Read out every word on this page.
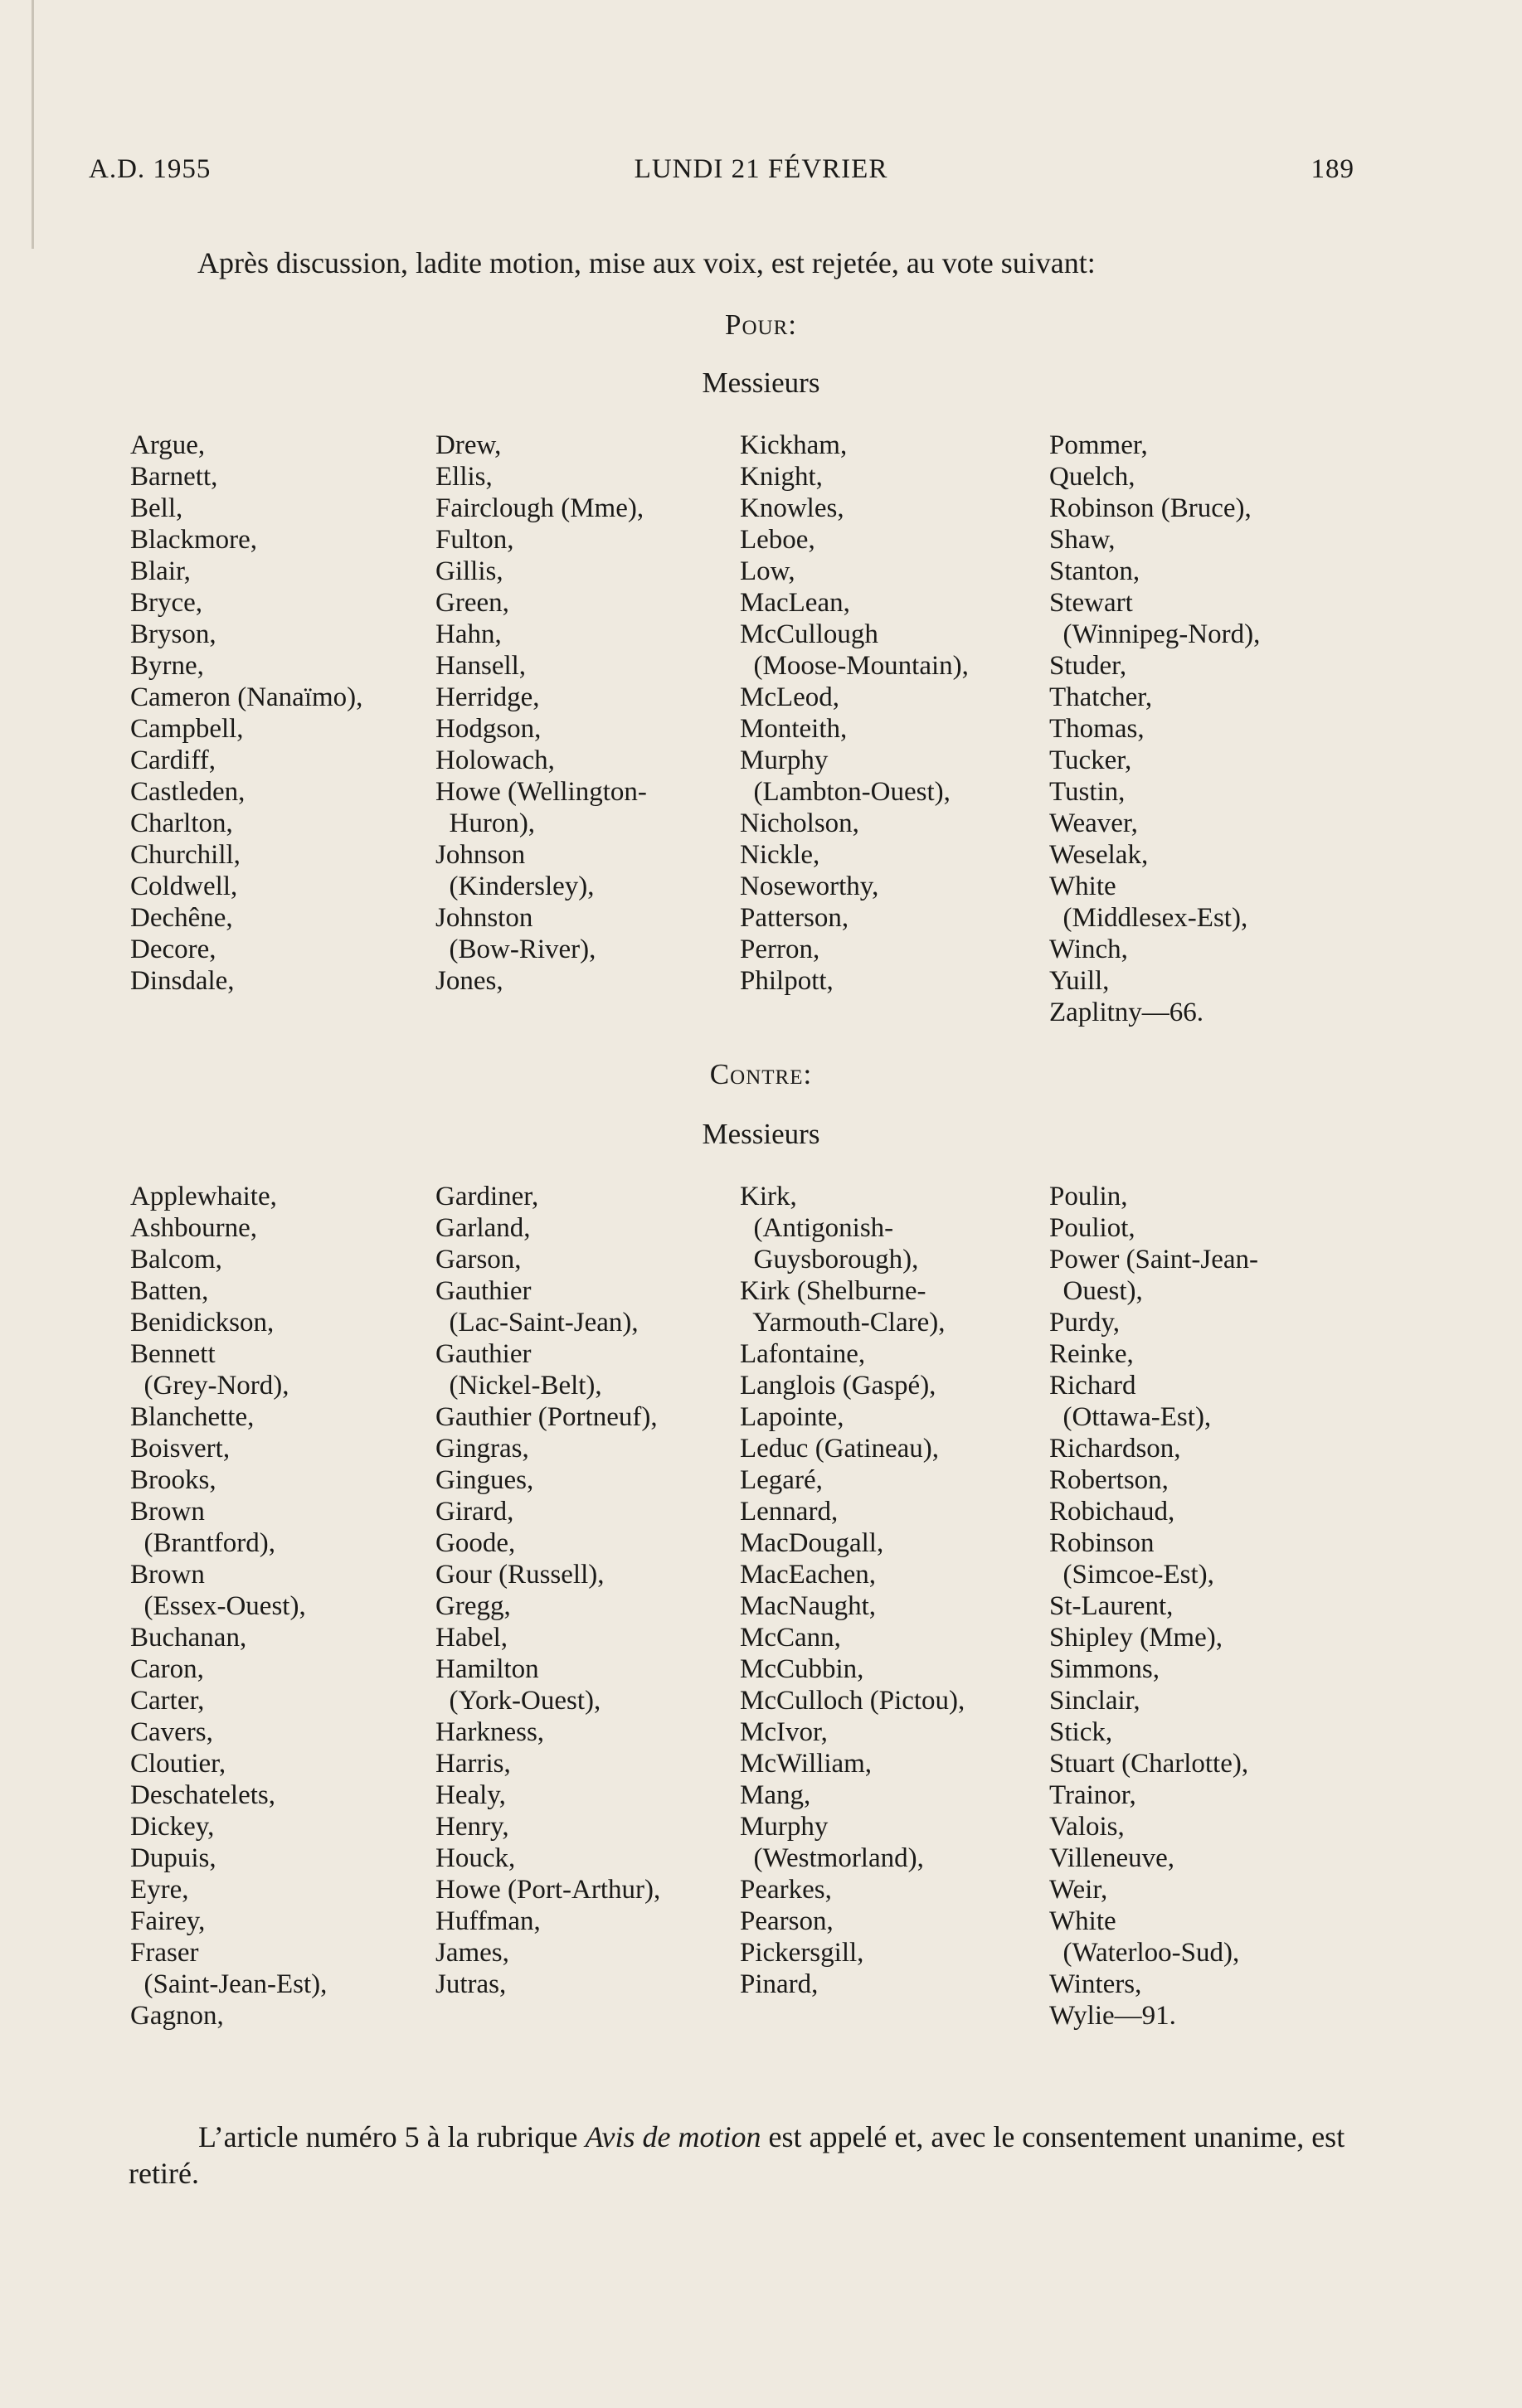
A.D. 1955	LUNDI 21 FÉVRIER	189
Après discussion, ladite motion, mise aux voix, est rejetée, au vote suivant:
Pour:
Messieurs
Argue,
Barnett,
Bell,
Blackmore,
Blair,
Bryce,
Bryson,
Byrne,
Cameron (Nanaïmo),
Campbell,
Cardiff,
Castleden,
Charlton,
Churchill,
Coldwell,
Dechêne,
Decore,
Dinsdale,
Drew,
Ellis,
Fairclough (Mme),
Fulton,
Gillis,
Green,
Hahn,
Hansell,
Herridge,
Hodgson,
Holowach,
Howe (Wellington-
Huron),
Johnson
(Kindersley),
Johnston
(Bow-River),
Jones,
Kickham,
Knight,
Knowles,
Leboe,
Low,
MacLean,
McCullough
(Moose-Mountain),
McLeod,
Monteith,
Murphy
(Lambton-Ouest),
Nicholson,
Nickle,
Noseworthy,
Patterson,
Perron,
Philpott,
Pommer,
Quelch,
Robinson (Bruce),
Shaw,
Stanton,
Stewart
(Winnipeg-Nord),
Studer,
Thatcher,
Thomas,
Tucker,
Tustin,
Weaver,
Weselak,
White
(Middlesex-Est),
Winch,
Yuill,
Zaplitny—66.
Contre:
Messieurs
Applewhaite,
Ashbourne,
Balcom,
Batten,
Benidickson,
Bennett
(Grey-Nord),
Blanchette,
Boisvert,
Brooks,
Brown
(Brantford),
Brown
(Essex-Ouest),
Buchanan,
Caron,
Carter,
Cavers,
Cloutier,
Deschatelets,
Dickey,
Dupuis,
Eyre,
Fairey,
Fraser
(Saint-Jean-Est),
Gagnon,
Gardiner,
Garland,
Garson,
Gauthier
(Lac-Saint-Jean),
Gauthier
(Nickel-Belt),
Gauthier (Portneuf),
Gingras,
Gingues,
Girard,
Goode,
Gour (Russell),
Gregg,
Habel,
Hamilton
(York-Ouest),
Harkness,
Harris,
Healy,
Henry,
Houck,
Howe (Port-Arthur),
Huffman,
James,
Jutras,
Kirk,
(Antigonish-
Guysborough),
Kirk (Shelburne-
Yarmouth-Clare),
Lafontaine,
Langlois (Gaspé),
Lapointe,
Leduc (Gatineau),
Legaré,
Lennard,
MacDougall,
MacEachen,
MacNaught,
McCann,
McCubbin,
McCulloch (Pictou),
McIvor,
McWilliam,
Mang,
Murphy
(Westmorland),
Pearkes,
Pearson,
Pickersgill,
Pinard,
Poulin,
Pouliot,
Power (Saint-Jean-
Ouest),
Purdy,
Reinke,
Richard
(Ottawa-Est),
Richardson,
Robertson,
Robichaud,
Robinson
(Simcoe-Est),
St-Laurent,
Shipley (Mme),
Simmons,
Sinclair,
Stick,
Stuart (Charlotte),
Trainor,
Valois,
Villeneuve,
Weir,
White
(Waterloo-Sud),
Winters,
Wylie—91.
L’article numéro 5 à la rubrique Avis de motion est appelé et, avec le consentement unanime, est retiré.
